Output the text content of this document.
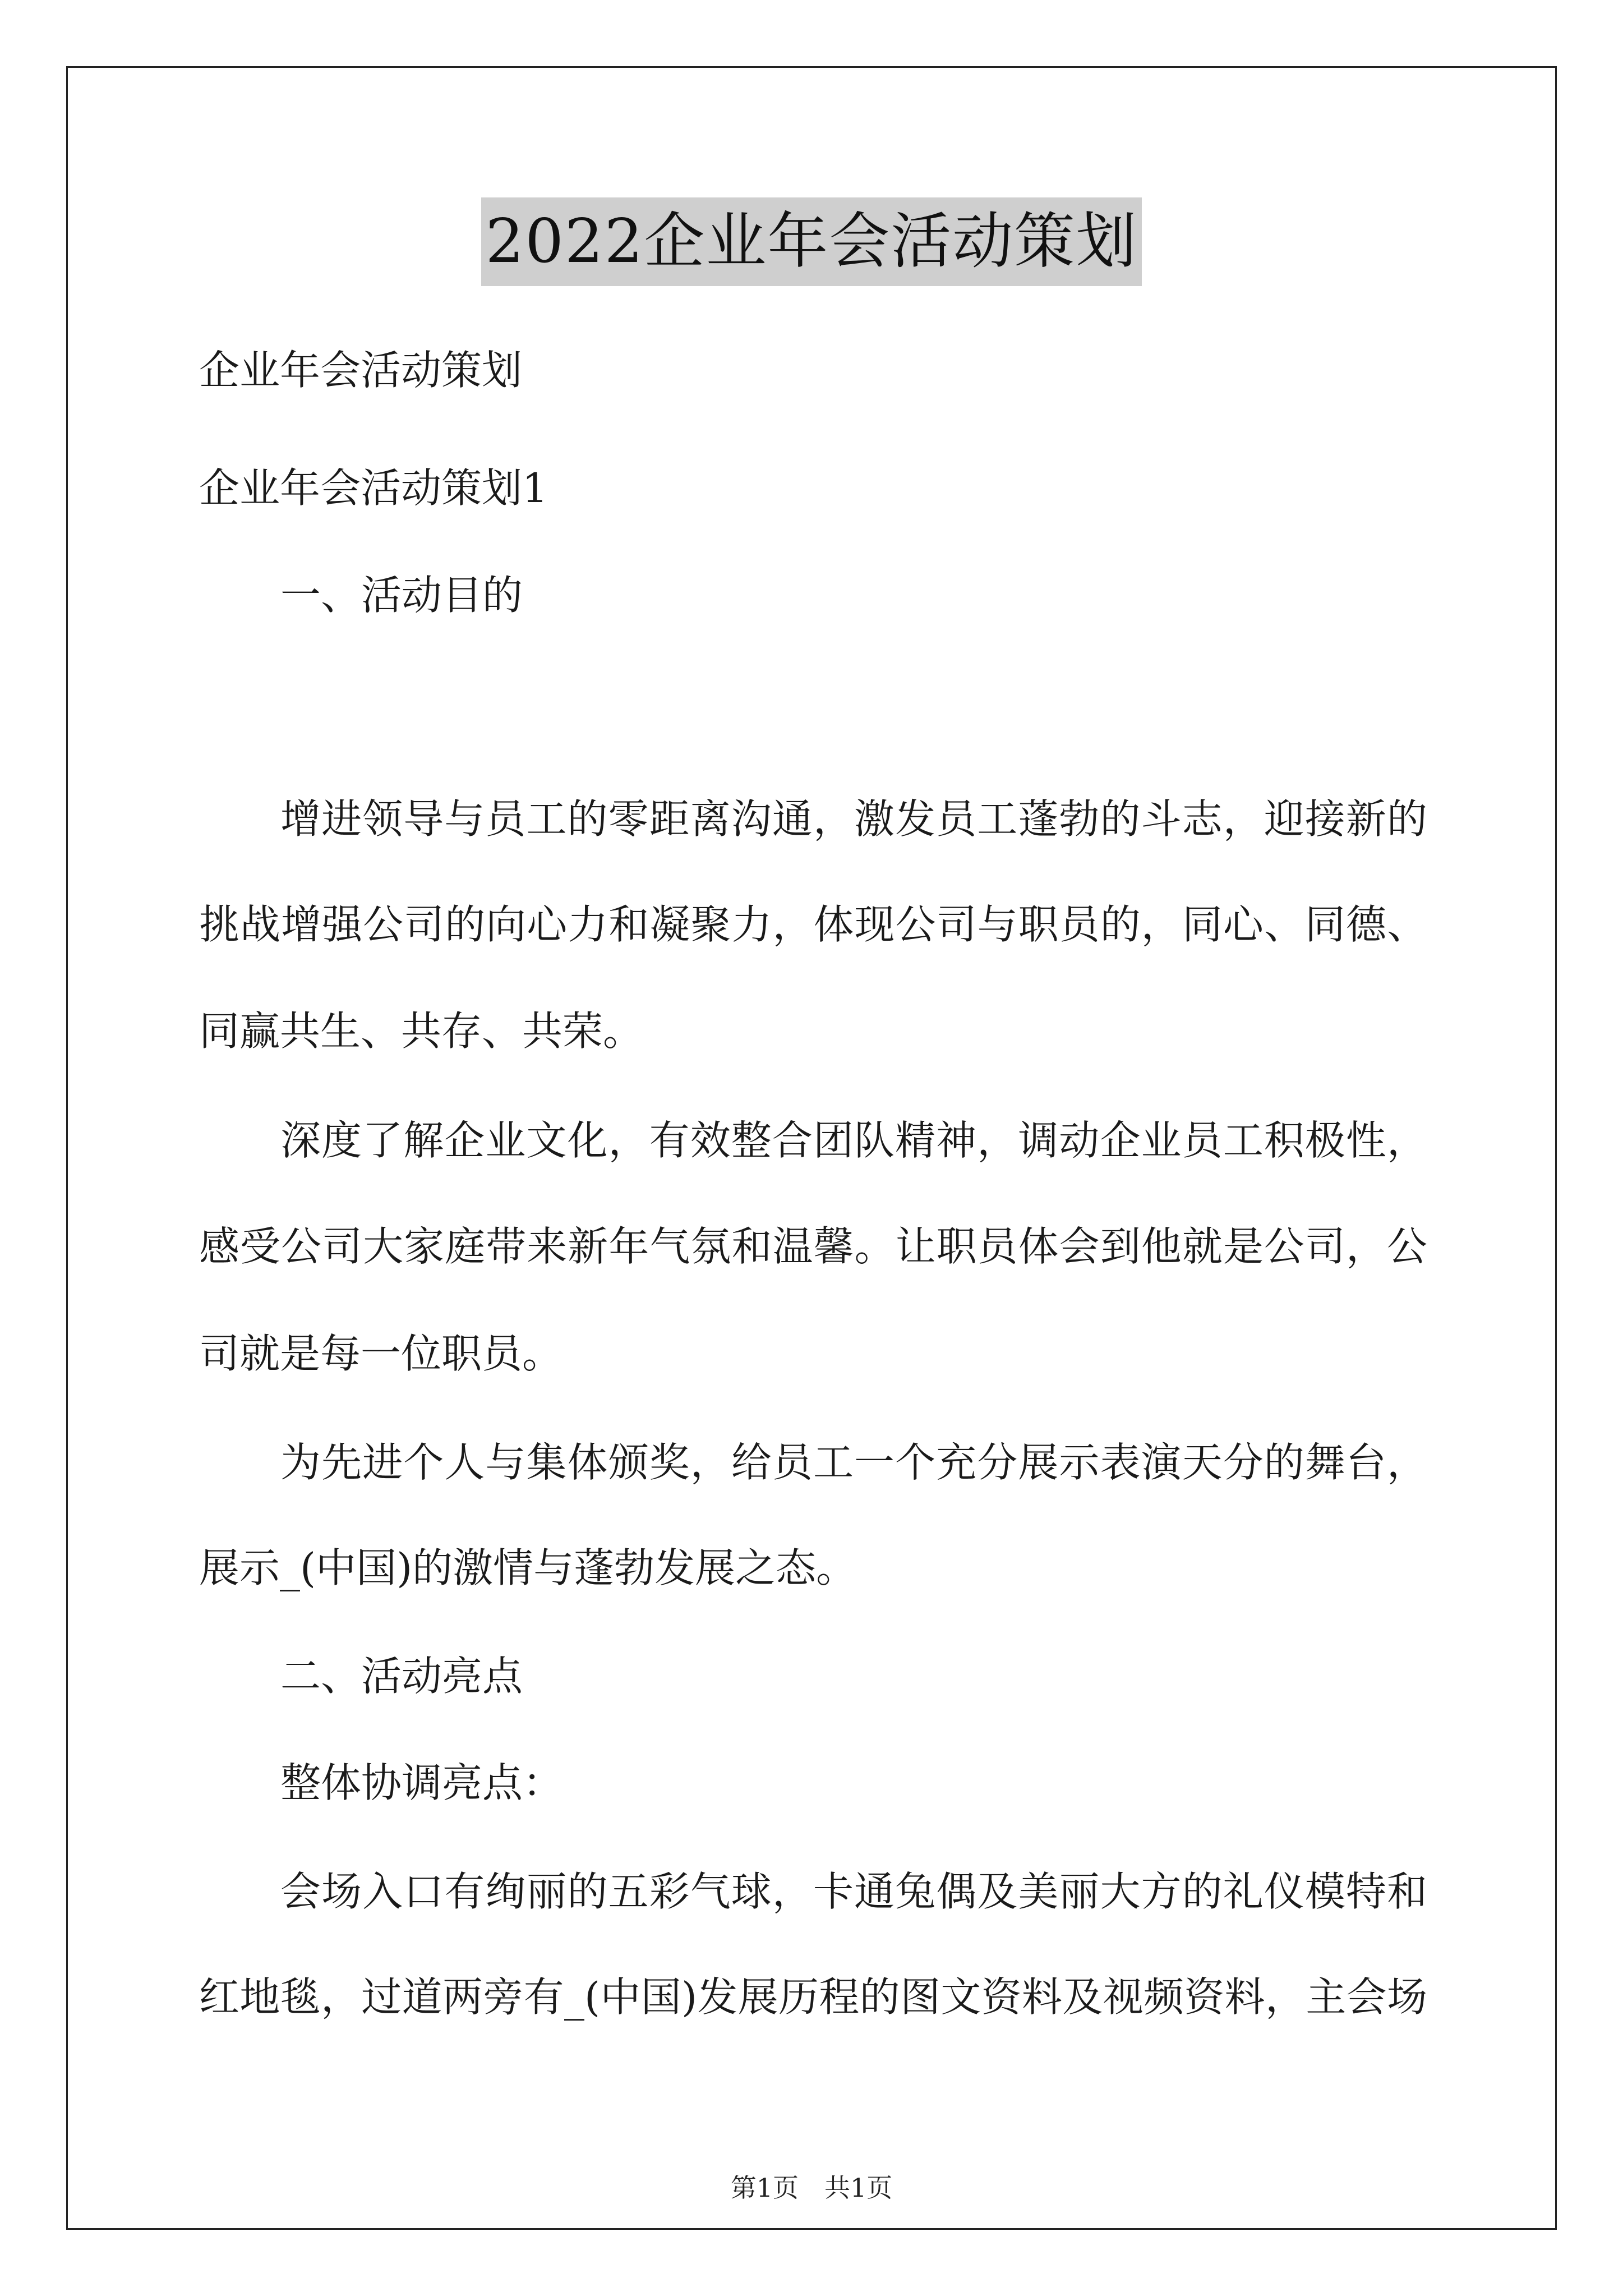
2022企业年会活动策划
企业年会活动策划
企业年会活动策划1
一、活动目的
增进领导与员工的零距离沟通，激发员工蓬勃的斗志，迎接新的
挑战增强公司的向心力和凝聚力，体现公司与职员的，同心、同德、
同赢共生、共存、共荣。
深度了解企业文化，有效整合团队精神，调动企业员工积极性，
感受公司大家庭带来新年气氛和温馨。让职员体会到他就是公司，公
司就是每一位职员。
为先进个人与集体颁奖，给员工一个充分展示表演天分的舞台，
展示_(中国)的激情与蓬勃发展之态。
二、活动亮点
整体协调亮点：
会场入口有绚丽的五彩气球，卡通兔偶及美丽大方的礼仪模特和
红地毯，过道两旁有_(中国)发展历程的图文资料及视频资料，主会场
第1页　共1页
